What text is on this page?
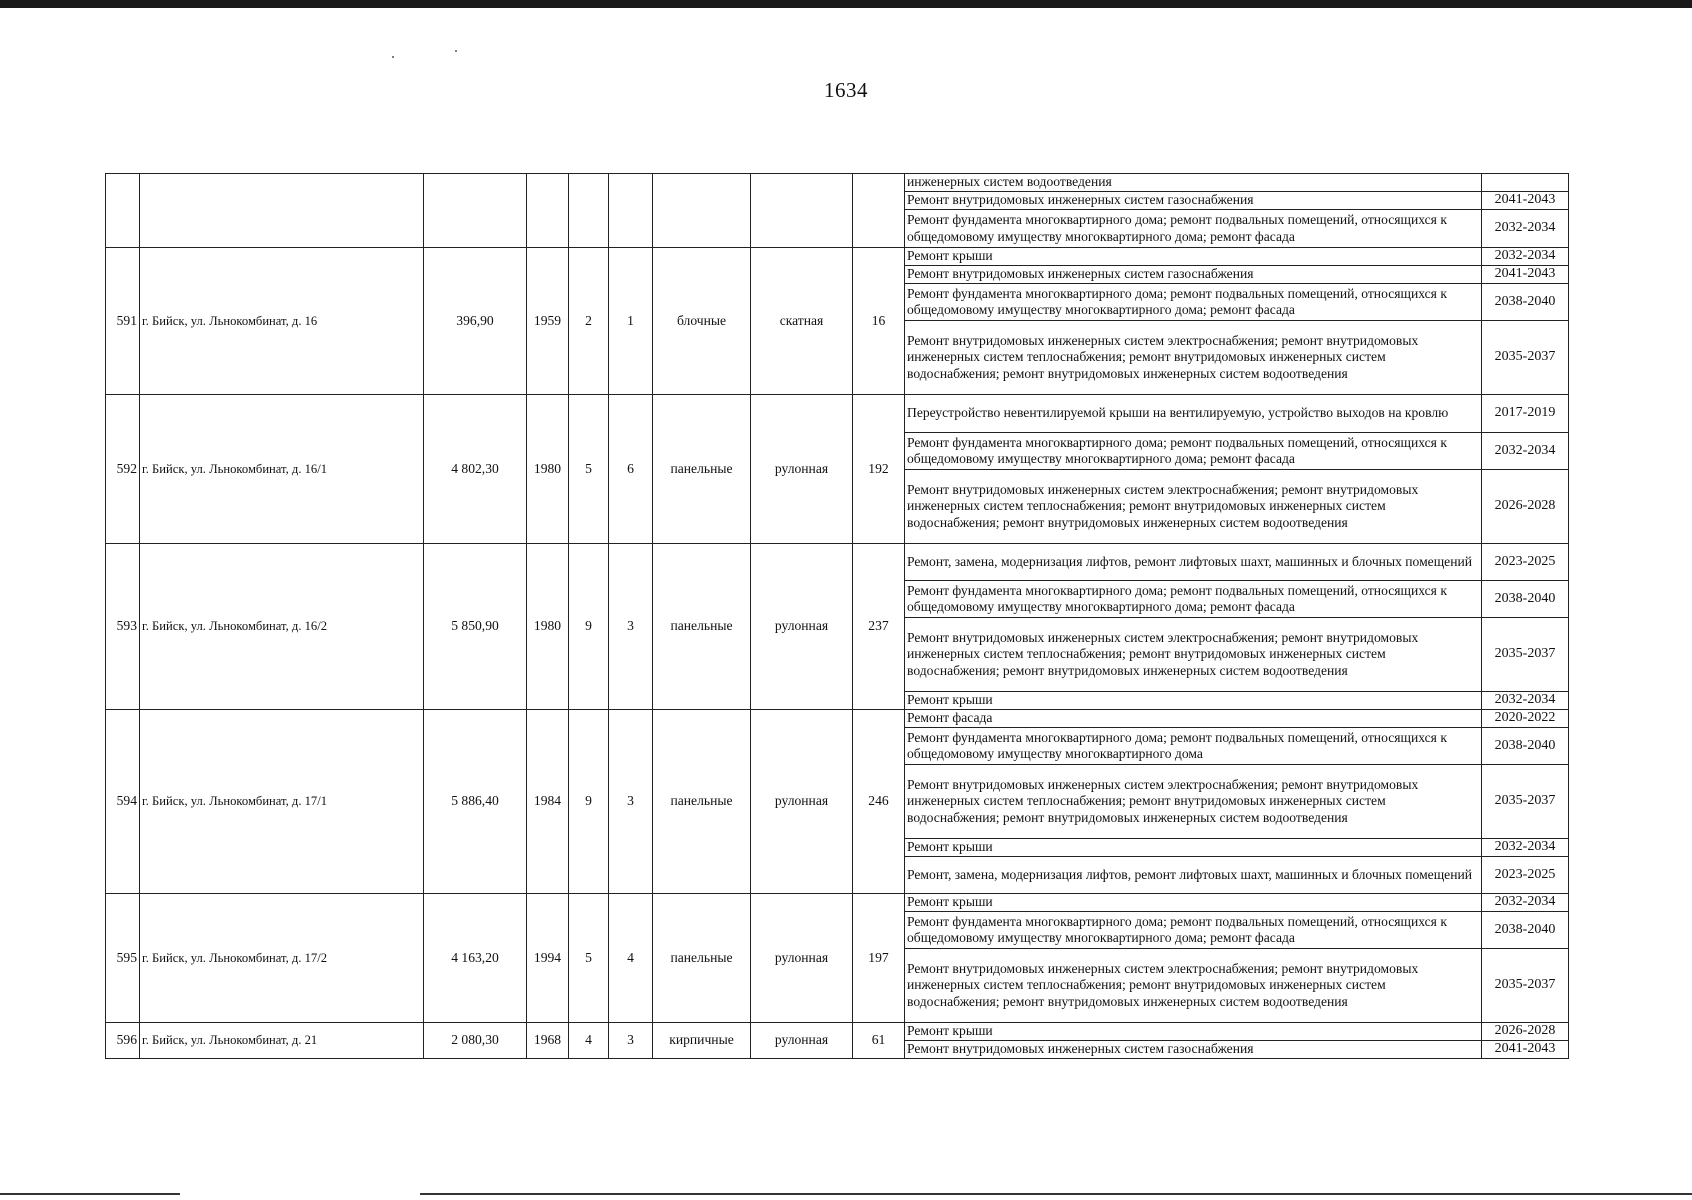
1634
									инженерных систем водоотведения	
									Ремонт внутридомовых инженерных систем газоснабжения	2041-2043
									Ремонт фундамента многоквартирного дома; ремонт подвальных помещений, относящихся к общедомовому имуществу многоквартирного дома; ремонт фасада	2032-2034
591	г. Бийск, ул. Льнокомбинат, д. 16	396,90	1959	2	1	блочные	скатная	16	Ремонт крыши	2032-2034
									Ремонт внутридомовых инженерных систем газоснабжения	2041-2043
									Ремонт фундамента многоквартирного дома; ремонт подвальных помещений, относящихся к общедомовому имуществу многоквартирного дома; ремонт фасада	2038-2040
									Ремонт внутридомовых инженерных систем электроснабжения; ремонт внутридомовых инженерных систем теплоснабжения; ремонт внутридомовых инженерных систем водоснабжения; ремонт внутридомовых инженерных систем водоотведения	2035-2037
592	г. Бийск, ул. Льнокомбинат, д. 16/1	4 802,30	1980	5	6	панельные	рулонная	192	Переустройство невентилируемой крыши на вентилируемую, устройство выходов на кровлю	2017-2019
									Ремонт фундамента многоквартирного дома; ремонт подвальных помещений, относящихся к общедомовому имуществу многоквартирного дома; ремонт фасада	2032-2034
									Ремонт внутридомовых инженерных систем электроснабжения; ремонт внутридомовых инженерных систем теплоснабжения; ремонт внутридомовых инженерных систем водоснабжения; ремонт внутридомовых инженерных систем водоотведения	2026-2028
593	г. Бийск, ул. Льнокомбинат, д. 16/2	5 850,90	1980	9	3	панельные	рулонная	237	Ремонт, замена, модернизация лифтов, ремонт лифтовых шахт, машинных и блочных помещений	2023-2025
									Ремонт фундамента многоквартирного дома; ремонт подвальных помещений, относящихся к общедомовому имуществу многоквартирного дома; ремонт фасада	2038-2040
									Ремонт внутридомовых инженерных систем электроснабжения; ремонт внутридомовых инженерных систем теплоснабжения; ремонт внутридомовых инженерных систем водоснабжения; ремонт внутридомовых инженерных систем водоотведения	2035-2037
									Ремонт крыши	2032-2034
594	г. Бийск, ул. Льнокомбинат, д. 17/1	5 886,40	1984	9	3	панельные	рулонная	246	Ремонт фасада	2020-2022
									Ремонт фундамента многоквартирного дома; ремонт подвальных помещений, относящихся к общедомовому имуществу многоквартирного дома	2038-2040
									Ремонт внутридомовых инженерных систем электроснабжения; ремонт внутридомовых инженерных систем теплоснабжения; ремонт внутридомовых инженерных систем водоснабжения; ремонт внутридомовых инженерных систем водоотведения	2035-2037
									Ремонт крыши	2032-2034
									Ремонт, замена, модернизация лифтов, ремонт лифтовых шахт, машинных и блочных помещений	2023-2025
595	г. Бийск, ул. Льнокомбинат, д. 17/2	4 163,20	1994	5	4	панельные	рулонная	197	Ремонт крыши	2032-2034
									Ремонт фундамента многоквартирного дома; ремонт подвальных помещений, относящихся к общедомовому имуществу многоквартирного дома; ремонт фасада	2038-2040
									Ремонт внутридомовых инженерных систем электроснабжения; ремонт внутридомовых инженерных систем теплоснабжения; ремонт внутридомовых инженерных систем водоснабжения; ремонт внутридомовых инженерных систем водоотведения	2035-2037
596	г. Бийск, ул. Льнокомбинат, д. 21	2 080,30	1968	4	3	кирпичные	рулонная	61	Ремонт крыши	2026-2028
									Ремонт внутридомовых инженерных систем газоснабжения	2041-2043
